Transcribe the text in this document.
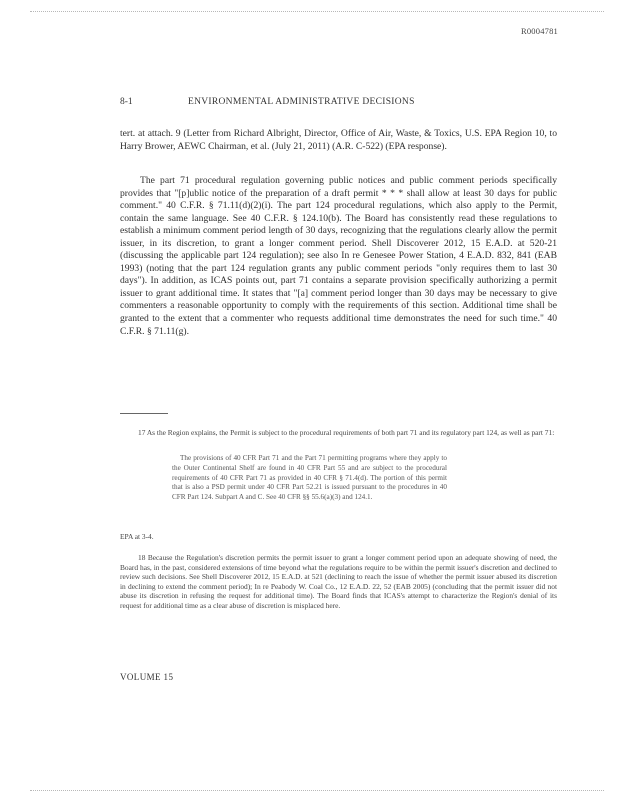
R0004781
8-1	ENVIRONMENTAL ADMINISTRATIVE DECISIONS

tert. at attach. 9 (Letter from Richard Albright, Director, Office of Air, Waste, & Toxics, U.S. EPA Region 10, to Harry Brower, AEWC Chairman, et al. (July 21, 2011) (A.R. C-522) (EPA response).

The part 71 procedural regulation governing public notices and public comment periods specifically provides that "[p]ublic notice of the preparation of a draft permit * * * shall allow at least 30 days for public comment." 40 C.F.R. § 71.11(d)(2)(i). The part 124 procedural regulations, which also apply to the Permit, contain the same language. See 40 C.F.R. § 124.10(b). The Board has consistently read these regulations to establish a minimum comment period length of 30 days, recognizing that the regulations clearly allow the permit issuer, in its discretion, to grant a longer comment period. Shell Discoverer 2012, 15 E.A.D. at 520-21 (discussing the applicable part 124 regulation); see also In re Genesee Power Station, 4 E.A.D. 832, 841 (EAB 1993) (noting that the part 124 regulation grants any public comment periods "only requires them to last 30 days"). In addition, as ICAS points out, part 71 contains a separate provision specifically authorizing a permit issuer to grant additional time. It states that "[a] comment period longer than 30 days may be necessary to give commenters a reasonable opportunity to comply with the requirements of this section. Additional time shall be granted to the extent that a commenter who requests additional time demonstrates the need for such time." 40 C.F.R. § 71.11(g).

17 As the Region explains, the Permit is subject to the procedural requirements of both part 71 and its regulatory part 124, as well as part 71:

The provisions of 40 CFR Part 71 and the Part 71 permitting programs where they apply to the Outer Continental Shelf are found in 40 CFR Part 55 and are subject to the procedural requirements of 40 CFR Part 71 as provided in 40 CFR § 71.4(d). The portion of this permit that is also a PSD permit under 40 CFR Part 52.21 is issued pursuant to the procedures in 40 CFR Part 124. Subpart A and C. See 40 CFR §§ 55.6(a)(3) and 124.1.

EPA at 3-4.

18 Because the Regulation's discretion permits the permit issuer to grant a longer comment period upon an adequate showing of need, the Board has, in the past, considered extensions of time beyond what the regulations require to be within the permit issuer's discretion and declined to review such decisions. See Shell Discoverer 2012, 15 E.A.D. at 521 (declining to reach the issue of whether the permit issuer abused its discretion in declining to extend the comment period); In re Peabody W. Coal Co., 12 E.A.D. 22, 52 (EAB 2005) (concluding that the permit issuer did not abuse its discretion in refusing the request for additional time). The Board finds that ICAS's attempt to characterize the Region's denial of its request for additional time as a clear abuse of discretion is misplaced here.

VOLUME 15
